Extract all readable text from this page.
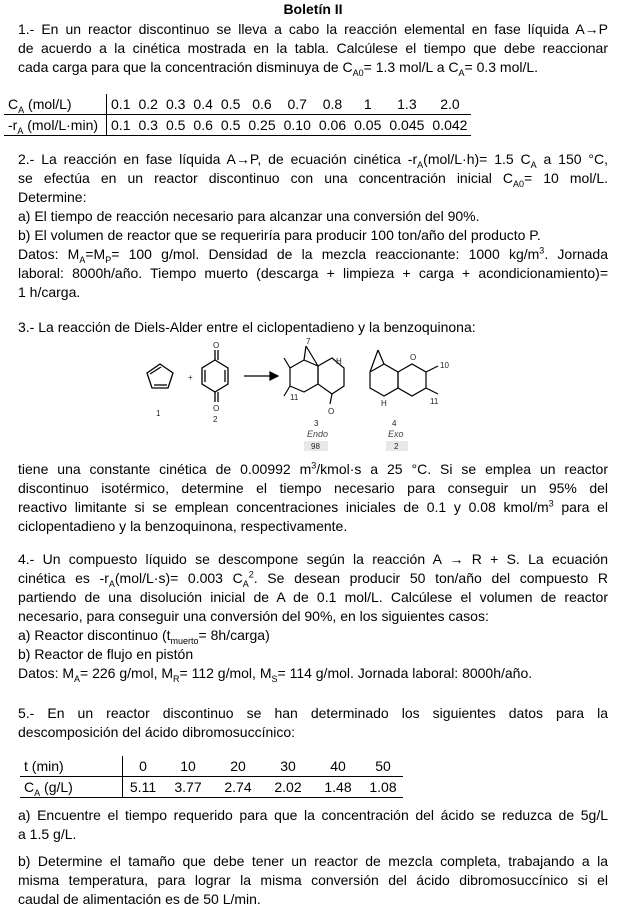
Boletín II
1.- En un reactor discontinuo se lleva a cabo la reacción elemental en fase líquida A→P
de acuerdo a la cinética mostrada en la tabla. Calcúlese el tiempo que debe reaccionar
cada carga para que la concentración disminuya de $C_{A0}= 1.3$ mol/L a $C_A= 0.3$ mol/L.
$C_A$ (mol/L)	0.1	0.2	0.3	0.4	0.5	0.6	0.7	0.8	1	1.3	2.0
$-r_A$ (mol/L·min)	0.1	0.3	0.5	0.6	0.5	0.25	0.10	0.06	0.05	0.045	0.042
2.- La reacción en fase líquida A→P, de ecuación cinética $-r_A(mol/L\cdot h)= 1.5$ $C_A$ a 150 °C,
se efectúa en un reactor discontinuo con una concentración inicial $C_{A0}= 10$ mol/L.
Determine:
a) El tiempo de reacción necesario para alcanzar una conversión del 90%.
b) El volumen de reactor que se requeriría para producir 100 ton/año del producto P.
Datos: $M_A=M_P= 100$ g/mol. Densidad de la mezcla reaccionante: 1000 $kg/m^3$. Jornada
laboral: 8000h/año. Tiempo muerto (descarga + limpieza + carga + acondicionamiento)=
1 h/carga.
3.- La reacción de Diels-Alder entre el ciclopentadieno y la benzoquinona:
1
+
O
O
2
7
H
O
11
3
Endo
98
O
10
11
H
4
Exo
2
tiene una constante cinética de 0.00992 $m^3/kmol\cdot s$ a 25 °C. Si se emplea un reactor
discontinuo isotérmico, determine el tiempo necesario para conseguir un 95% del
reactivo limitante si se emplean concentraciones iniciales de 0.1 y 0.08 kmol/$m^3$ para el
ciclopentadieno y la benzoquinona, respectivamente.
4.- Un compuesto líquido se descompone según la reacción A → R + S. La ecuación
cinética es $-r_A(mol/L\cdot s)= 0.003$ $C_A^2$. Se desean producir 50 ton/año del compuesto R
partiendo de una disolución inicial de A de 0.1 mol/L. Calcúlese el volumen de reactor
necesario, para conseguir una conversión del 90%, en los siguientes casos:
a) Reactor discontinuo ($t_{muerto}=$ 8h/carga)
b) Reactor de flujo en pistón
Datos: $M_A= 226$ g/mol, $M_R= 112$ g/mol, $M_S= 114$ g/mol. Jornada laboral: 8000h/año.
5.- En un reactor discontinuo se han determinado los siguientes datos para la
descomposición del ácido dibromosuccínico:
t (min)	0	10	20	30	40	50
$C_A$ (g/L)	5.11	3.77	2.74	2.02	1.48	1.08
a) Encuentre el tiempo requerido para que la concentración del ácido se reduzca de 5g/L
a 1.5 g/L.
b) Determine el tamaño que debe tener un reactor de mezcla completa, trabajando a la
misma temperatura, para lograr la misma conversión del ácido dibromosuccínico si el
caudal de alimentación es de 50 L/min.
